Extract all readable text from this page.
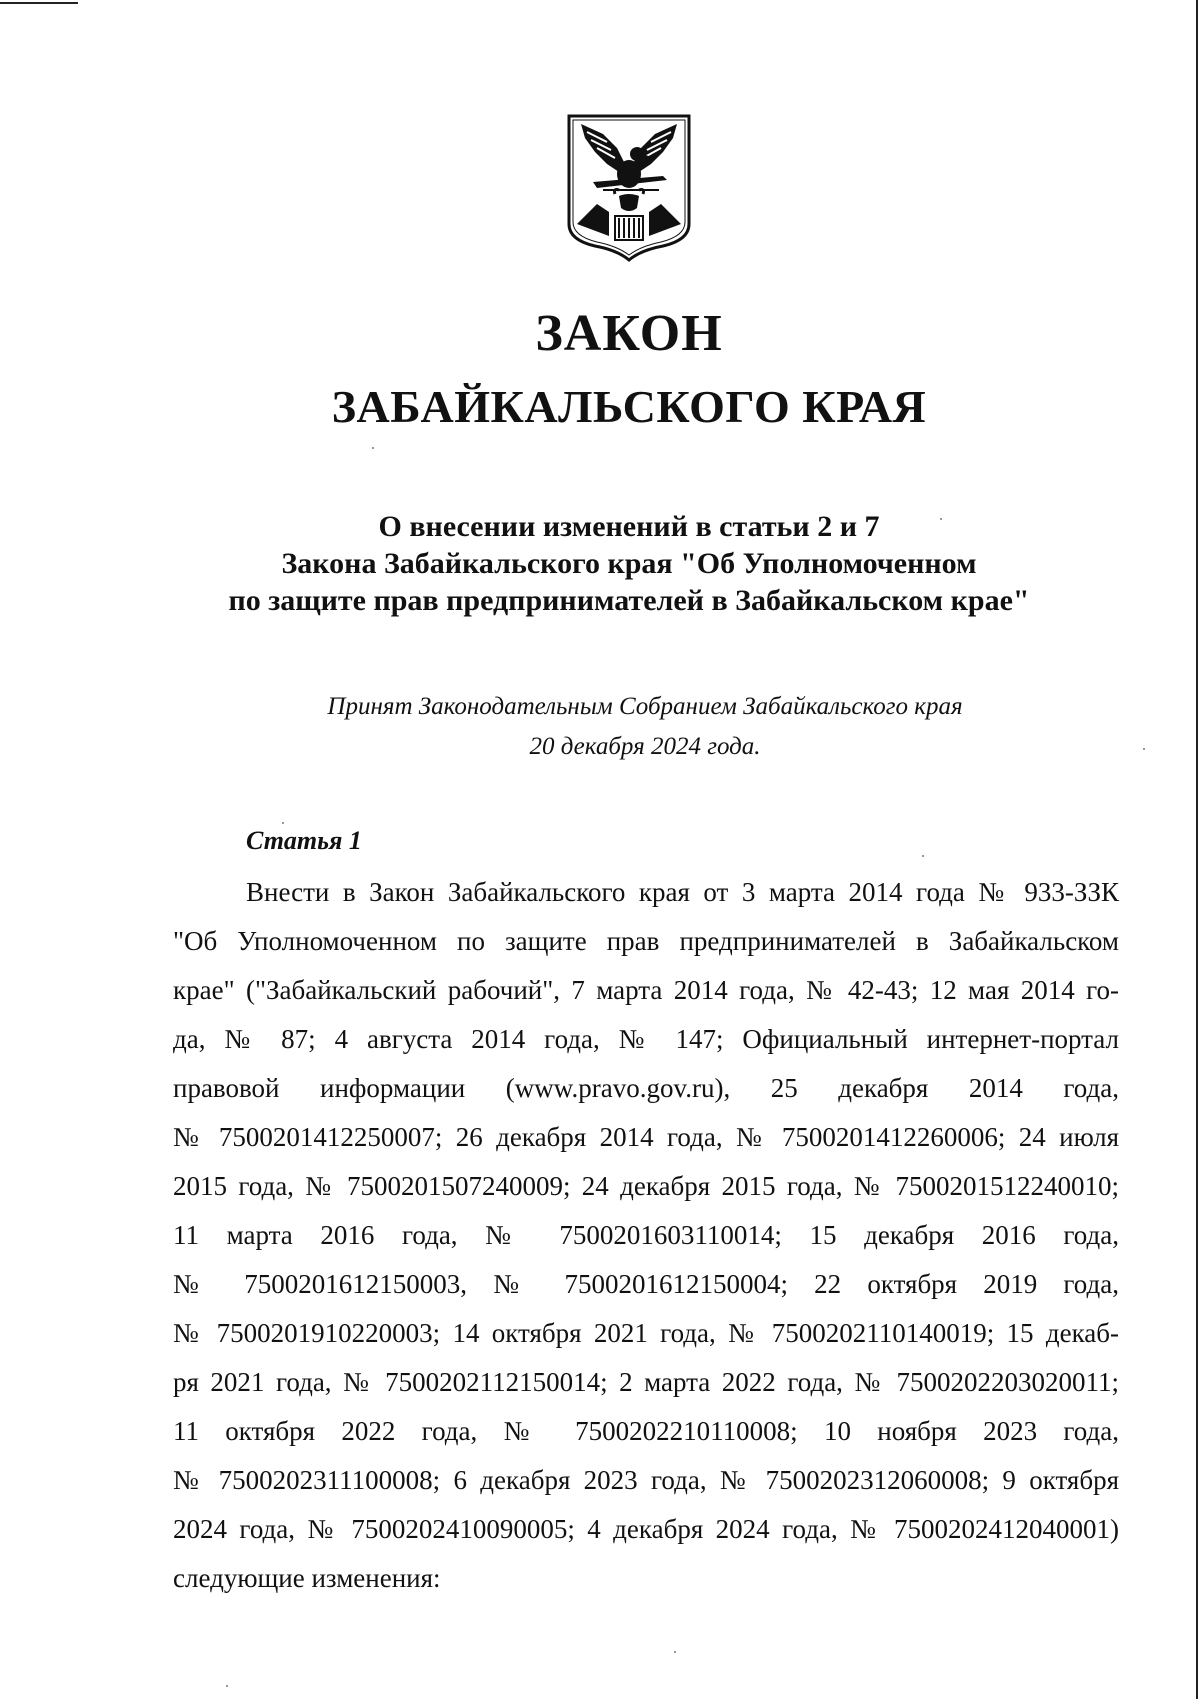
ЗАКОН
ЗАБАЙКАЛЬСКОГО КРАЯ
О внесении изменений в статьи 2 и 7
Закона Забайкальского края "Об Уполномоченном
по защите прав предпринимателей в Забайкальском крае"
Принят Законодательным Собранием Забайкальского края
20 декабря 2024 года.
Статья 1
Внести в Закон Забайкальского края от 3 марта 2014 года № 933-ЗЗК
"Об Уполномоченном по защите прав предпринимателей в Забайкальском
крае" ("Забайкальский рабочий", 7 марта 2014 года, № 42-43; 12 мая 2014 го-
да, № 87; 4 августа 2014 года, № 147; Официальный интернет-портал
правовой информации (www.pravo.gov.ru), 25 декабря 2014 года,
№ 7500201412250007; 26 декабря 2014 года, № 7500201412260006; 24 июля
2015 года, № 7500201507240009; 24 декабря 2015 года, № 7500201512240010;
11 марта 2016 года, № 7500201603110014; 15 декабря 2016 года,
№ 7500201612150003, № 7500201612150004; 22 октября 2019 года,
№ 7500201910220003; 14 октября 2021 года, № 7500202110140019; 15 декаб-
ря 2021 года, № 7500202112150014; 2 марта 2022 года, № 7500202203020011;
11 октября 2022 года, № 7500202210110008; 10 ноября 2023 года,
№ 7500202311100008; 6 декабря 2023 года, № 7500202312060008; 9 октября
2024 года, № 7500202410090005; 4 декабря 2024 года, № 7500202412040001)
следующие изменения:
